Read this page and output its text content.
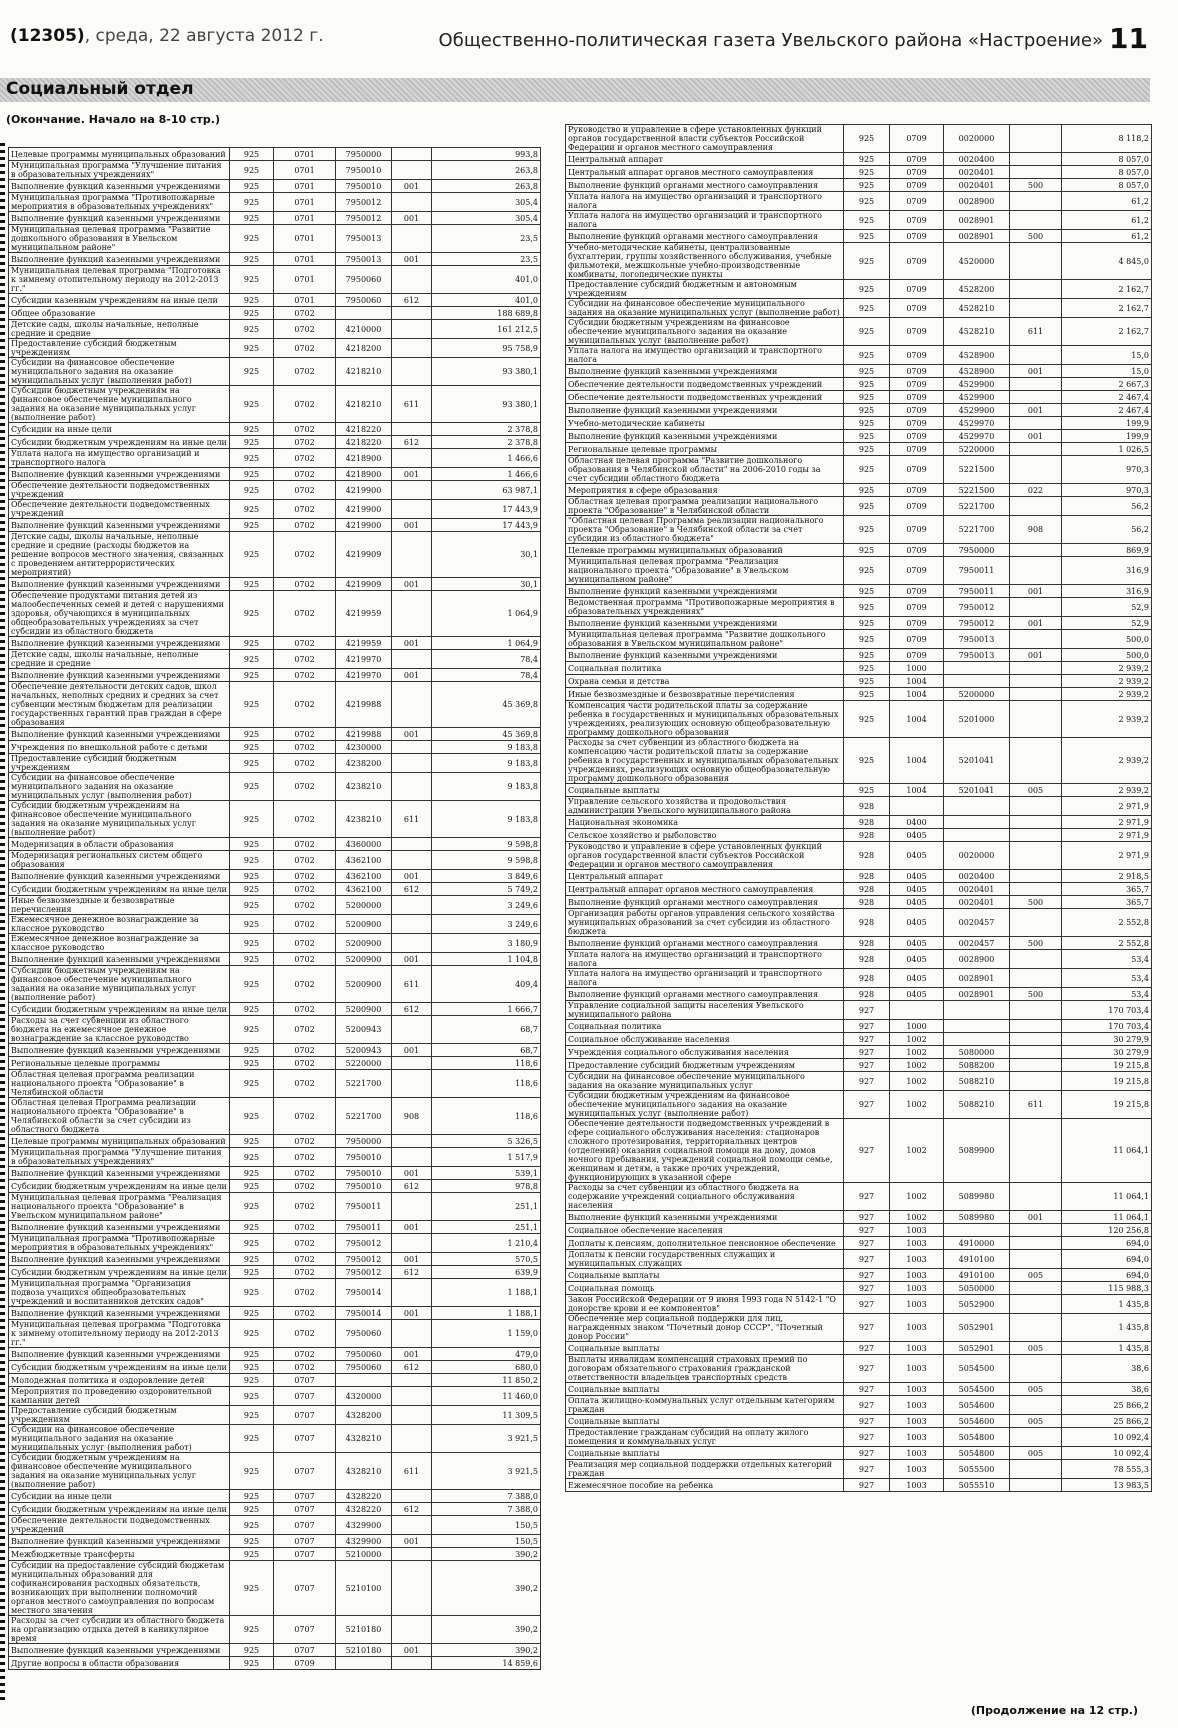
(12305), среда, 22 августа 2012 г.	Общественно-политическая газета Увельского района «Настроение» 11
Социальный отдел
(Окончание. Начало на 8-10 стр.)
Целевые программы муниципальных образований	925	0701	7950000		993,8
Муниципальная программа "Улучшение питания в образовательных учреждениях"	925	0701	7950010		263,8
Выполнение функций казенными учреждениями	925	0701	7950010	001	263,8
Муниципальная программа "Противопожарные мероприятия в образовательных учреждениях"	925	0701	7950012		305,4
Выполнение функций казенными учреждениями	925	0701	7950012	001	305,4
Муниципальная целевая программа "Развитие дошкольного образования в Увельском муниципальном районе"	925	0701	7950013		23,5
Выполнение функций казенными учреждениями	925	0701	7950013	001	23,5
Муниципальная целевая программа "Подготовка к зимнему отопительному периоду на 2012-2013 гг."	925	0701	7950060		401,0
Субсидии казенным учреждениям на иные цели	925	0701	7950060	612	401,0
Общее образование	925	0702			188 689,8
Детские сады, школы начальные, неполные средние и средние	925	0702	4210000		161 212,5
Предоставление субсидий бюджетным учреждениям	925	0702	4218200		95 758,9
Субсидии на финансовое обеспечение муниципального задания на оказание муниципальных услуг (выполнения работ)	925	0702	4218210		93 380,1
Субсидии бюджетным учреждениям на финансовое обеспечение муниципального задания на оказание муниципальных услуг (выполнение работ)	925	0702	4218210	611	93 380,1
Субсидии на иные цели	925	0702	4218220		2 378,8
Субсидии бюджетным учреждениям на иные цели	925	0702	4218220	612	2 378,8
Уплата налога на имущество организаций и транспортного налога	925	0702	4218900		1 466,6
Выполнение функций казенными учреждениями	925	0702	4218900	001	1 466,6
Обеспечение деятельности подведомственных учреждений	925	0702	4219900		63 987,1
Обеспечение деятельности подведомственных учреждений	925	0702	4219900		17 443,9
Выполнение функций казенными учреждениями	925	0702	4219900	001	17 443,9
Детские сады, школы начальные, неполные средние и средние (расходы бюджетов на решение вопросов местного значения, связанных с проведением антитеррористических мероприятий)	925	0702	4219909		30,1
Выполнение функций казенными учреждениями	925	0702	4219909	001	30,1
Обеспечение продуктами питания детей из малообеспеченных семей и детей с нарушениями здоровья, обучающихся в муниципальных общеобразовательных учреждениях за счет субсидии из областного бюджета	925	0702	4219959		1 064,9
Выполнение функций казенными учреждениями	925	0702	4219959	001	1 064,9
Детские сады, школы начальные, неполные средние и средние	925	0702	4219970		78,4
Выполнение функций казенными учреждениями	925	0702	4219970	001	78,4
Обеспечение деятельности детских садов, школ начальных, неполных средних и средних за счет субвенции местным бюджетам для реализации государственных гарантий прав граждан в сфере образования	925	0702	4219988		45 369,8
Выполнение функций казенными учреждениями	925	0702	4219988	001	45 369,8
Учреждения по внешкольной работе с детьми	925	0702	4230000		9 183,8
Предоставление субсидий бюджетным учреждениям	925	0702	4238200		9 183,8
Субсидии на финансовое обеспечение муниципального задания на оказание муниципальных услуг (выполнения работ)	925	0702	4238210		9 183,8
Субсидии бюджетным учреждениям на финансовое обеспечение муниципального задания на оказание муниципальных услуг (выполнение работ)	925	0702	4238210	611	9 183,8
Модернизация в области образования	925	0702	4360000		9 598,8
Модернизация региональных систем общего образования	925	0702	4362100		9 598,8
Выполнение функций казенными учреждениями	925	0702	4362100	001	3 849,6
Субсидии бюджетным учреждениям на иные цели	925	0702	4362100	612	5 749,2
Иные безвозмездные и безвозвратные перечисления	925	0702	5200000		3 249,6
Ежемесячное денежное вознаграждение за классное руководство	925	0702	5200900		3 249,6
Ежемесячное денежное вознаграждение за классное руководство	925	0702	5200900		3 180,9
Выполнение функций казенными учреждениями	925	0702	5200900	001	1 104,8
Субсидии бюджетным учреждениям на финансовое обеспечение муниципального задания на оказание муниципальных услуг (выполнение работ)	925	0702	5200900	611	409,4
Субсидии бюджетным учреждениям на иные цели	925	0702	5200900	612	1 666,7
Расходы за счет субвенции из областного бюджета на ежемесячное денежное вознаграждение за классное руководство	925	0702	5200943		68,7
Выполнение функций казенными учреждениями	925	0702	5200943	001	68,7
Региональные целевые программы	925	0702	5220000		118,6
Областная целевая программа реализации национального проекта "Образование" в Челябинской области	925	0702	5221700		118,6
Областная целевая Программа реализации национального проекта "Образование" в Челябинской области за счет субсидии из областного бюджета	925	0702	5221700	908	118,6
Целевые программы муниципальных образований	925	0702	7950000		5 326,5
Муниципальная программа "Улучшение питания в образовательных учреждениях"	925	0702	7950010		1 517,9
Выполнение функций казенными учреждениями	925	0702	7950010	001	539,1
Субсидии бюджетным учреждениям на иные цели	925	0702	7950010	612	978,8
Муниципальная целевая программа "Реализация национального проекта "Образование" в Увельском муниципальном районе"	925	0702	7950011		251,1
Выполнение функций казенными учреждениями	925	0702	7950011	001	251,1
Муниципальная программа "Противопожарные мероприятия в образовательных учреждениях"	925	0702	7950012		1 210,4
Выполнение функций казенными учреждениями	925	0702	7950012	001	570,5
Субсидии бюджетным учреждениям на иные цели	925	0702	7950012	612	639,9
Муниципальная программа "Организация подвоза учащихся общеобразовательных учреждений и воспитанников детских садов"	925	0702	7950014		1 188,1
Выполнение функций казенными учреждениями	925	0702	7950014	001	1 188,1
Муниципальная целевая программа "Подготовка к зимнему отопительному периоду на 2012-2013 гг."	925	0702	7950060		1 159,0
Выполнение функций казенными учреждениями	925	0702	7950060	001	479,0
Субсидии бюджетным учреждениям на иные цели	925	0702	7950060	612	680,0
Молодежная политика и оздоровление детей	925	0707			11 850,2
Мероприятия по проведению оздоровительной кампании детей	925	0707	4320000		11 460,0
Предоставление субсидий бюджетным учреждениям	925	0707	4328200		11 309,5
Субсидии на финансовое обеспечение муниципального задания на оказание муниципальных услуг (выполнения работ)	925	0707	4328210		3 921,5
Субсидии бюджетным учреждениям на финансовое обеспечение муниципального задания на оказание муниципальных услуг (выполнение работ)	925	0707	4328210	611	3 921,5
Субсидии на иные цели	925	0707	4328220		7 388,0
Субсидии бюджетным учреждениям на иные цели	925	0707	4328220	612	7 388,0
Обеспечение деятельности подведомственных учреждений	925	0707	4329900		150,5
Выполнение функций казенными учреждениями	925	0707	4329900	001	150,5
Межбюджетные трансферты	925	0707	5210000		390,2
Субсидии на предоставление субсидий бюджетам муниципальных образований для софинансирования расходных обязательств, возникающих при выполнении полномочий органов местного самоуправления по вопросам местного значения	925	0707	5210100		390,2
Расходы за счет субсидии из областного бюджета на организацию отдыха детей в каникулярное время	925	0707	5210180		390,2
Выполнение функций казенными учреждениями	925	0707	5210180	001	390,2
Другие вопросы в области образования	925	0709			14 859,6
Руководство и управление в сфере установленных функций органов государственной власти субъектов Российской Федерации и органов местного самоуправления	925	0709	0020000		8 118,2
Центральный аппарат	925	0709	0020400		8 057,0
Центральный аппарат органов местного самоуправления	925	0709	0020401		8 057,0
Выполнение функций органами местного самоуправления	925	0709	0020401	500	8 057,0
Уплата налога на имущество организаций и транспортного налога	925	0709	0028900		61,2
Уплата налога на имущество организаций и транспортного налога	925	0709	0028901		61,2
Выполнение функций органами местного самоуправления	925	0709	0028901	500	61,2
Учебно-методические кабинеты, централизованные бухгалтерии, группы хозяйственного обслуживания, учебные фильмотеки, межшкольные учебно-производственные комбинаты, логопедические пункты	925	0709	4520000		4 845,0
Предоставление субсидий бюджетным и автономным учреждениям	925	0709	4528200		2 162,7
Субсидии на финансовое обеспечение муниципального задания на оказание муниципальных услуг (выполнение работ)	925	0709	4528210		2 162,7
Субсидии бюджетным учреждениям на финансовое обеспечение муниципального задания на оказание муниципальных услуг (выполнение работ)	925	0709	4528210	611	2 162,7
Уплата налога на имущество организаций и транспортного налога	925	0709	4528900		15,0
Выполнение функций казенными учреждениями	925	0709	4528900	001	15,0
Обеспечение деятельности подведомственных учреждений	925	0709	4529900		2 667,3
Обеспечение деятельности подведомственных учреждений	925	0709	4529900		2 467,4
Выполнение функций казенными учреждениями	925	0709	4529900	001	2 467,4
Учебно-методические кабинеты	925	0709	4529970		199,9
Выполнение функций казенными учреждениями	925	0709	4529970	001	199,9
Региональные целевые программы	925	0709	5220000		1 026,5
Областная целевая программа "Развитие дошкольного образования в Челябинской области" на 2006-2010 годы за счет субсидии областного бюджета	925	0709	5221500		970,3
Мероприятия в сфере образования	925	0709	5221500	022	970,3
Областная целевая программа реализации национального проекта "Образование" в Челябинской области	925	0709	5221700		56,2
"Областная целевая Программа реализации национального проекта "Образование" в Челябинской области за счет субсидии из областного бюджета"	925	0709	5221700	908	56,2
Целевые программы муниципальных образований	925	0709	7950000		869,9
Муниципальная целевая программа "Реализация национального проекта "Образование" в Увельском муниципальном районе"	925	0709	7950011		316,9
Выполнение функций казенными учреждениями	925	0709	7950011	001	316,9
Ведомственная программа "Противопожарные мероприятия в образовательных учреждениях"	925	0709	7950012		52,9
Выполнение функций казенными учреждениями	925	0709	7950012	001	52,9
Муниципальная целевая программа "Развитие дошкольного образования в Увельском муниципальном районе"	925	0709	7950013		500,0
Выполнение функций казенными учреждениями	925	0709	7950013	001	500,0
Социальная политика	925	1000			2 939,2
Охрана семьи и детства	925	1004			2 939,2
Иные безвозмездные и безвозвратные перечисления	925	1004	5200000		2 939,2
Компенсация части родительской платы за содержание ребенка в государственных и муниципальных образовательных учреждениях, реализующих основную общеобразовательную программу дошкольного образования	925	1004	5201000		2 939,2
Расходы за счет субвенции из областного бюджета на компенсацию части родительской платы за содержание ребенка в государственных и муниципальных образовательных учреждениях, реализующих основную общеобразовательную программу дошкольного образования	925	1004	5201041		2 939,2
Социальные выплаты	925	1004	5201041	005	2 939,2
Управление сельского хозяйства и продовольствия администрации Увельского муниципального района	928				2 971,9
Национальная экономика	928	0400			2 971,9
Сельское хозяйство и рыболовство	928	0405			2 971,9
Руководство и управление в сфере установленных функций органов государственной власти субъектов Российской Федерации и органов местного самоуправления	928	0405	0020000		2 971,9
Центральный аппарат	928	0405	0020400		2 918,5
Центральный аппарат органов местного самоуправления	928	0405	0020401		365,7
Выполнение функций органами местного самоуправления	928	0405	0020401	500	365,7
Организация работы органов управления сельского хозяйства муниципальных образований за счет субсидии из областного бюджета	928	0405	0020457		2 552,8
Выполнение функций органами местного самоуправления	928	0405	0020457	500	2 552,8
Уплата налога на имущество организаций и транспортного налога	928	0405	0028900		53,4
Уплата налога на имущество организаций и транспортного налога	928	0405	0028901		53,4
Выполнение функций органами местного самоуправления	928	0405	0028901	500	53,4
Управление социальной защиты населения Увельского муниципального района	927				170 703,4
Социальная политика	927	1000			170 703,4
Социальное обслуживание населения	927	1002			30 279,9
Учреждения социального обслуживания населения	927	1002	5080000		30 279,9
Предоставление субсидий бюджетным учреждениям	927	1002	5088200		19 215,8
Субсидии на финансовое обеспечение муниципального задания на оказание муниципальных услуг	927	1002	5088210		19 215,8
Субсидии бюджетным учреждениям на финансовое обеспечение муниципального задания на оказание муниципальных услуг (выполнение работ)	927	1002	5088210	611	19 215,8
Обеспечение деятельности подведомственных учреждений в сфере социального обслуживания населения: стационаров сложного протезирования, территориальных центров (отделений) оказания социальной помощи на дому, домов ночного пребывания, учреждений социальной помощи семье, женщинам и детям, а также прочих учреждений, функционирующих в указанной сфере	927	1002	5089900		11 064,1
Расходы за счет субвенции из областного бюджета на содержание учреждений социального обслуживания населения	927	1002	5089980		11 064,1
Выполнение функций казенными учреждениями	927	1002	5089980	001	11 064,1
Социальное обеспечение населения	927	1003			120 256,8
Доплаты к пенсиям, дополнительное пенсионное обеспечение	927	1003	4910000		694,0
Доплаты к пенсии государственных служащих и муниципальных служащих	927	1003	4910100		694,0
Социальные выплаты	927	1003	4910100	005	694,0
Социальная помощь	927	1003	5050000		115 988,3
Закон Российской Федерации от 9 июня 1993 года N 5142-1 "О донорстве крови и ее компонентов"	927	1003	5052900		1 435,8
Обеспечение мер социальной поддержки для лиц, награжденных знаком "Почетный донор СССР", "Почетный донор России"	927	1003	5052901		1 435,8
Социальные выплаты	927	1003	5052901	005	1 435,8
Выплаты инвалидам компенсаций страховых премий по договорам обязательного страхования гражданской ответственности владельцев транспортных средств	927	1003	5054500		38,6
Социальные выплаты	927	1003	5054500	005	38,6
Оплата жилищно-коммунальных услуг отдельным категориям граждан	927	1003	5054600		25 866,2
Социальные выплаты	927	1003	5054600	005	25 866,2
Предоставление гражданам субсидий на оплату жилого помещения и коммунальных услуг	927	1003	5054800		10 092,4
Социальные выплаты	927	1003	5054800	005	10 092,4
Реализация мер социальной поддержки отдельных категорий граждан	927	1003	5055500		78 555,3
Ежемесячное пособие на ребенка	927	1003	5055510		13 983,5
(Продолжение на 12 стр.)
